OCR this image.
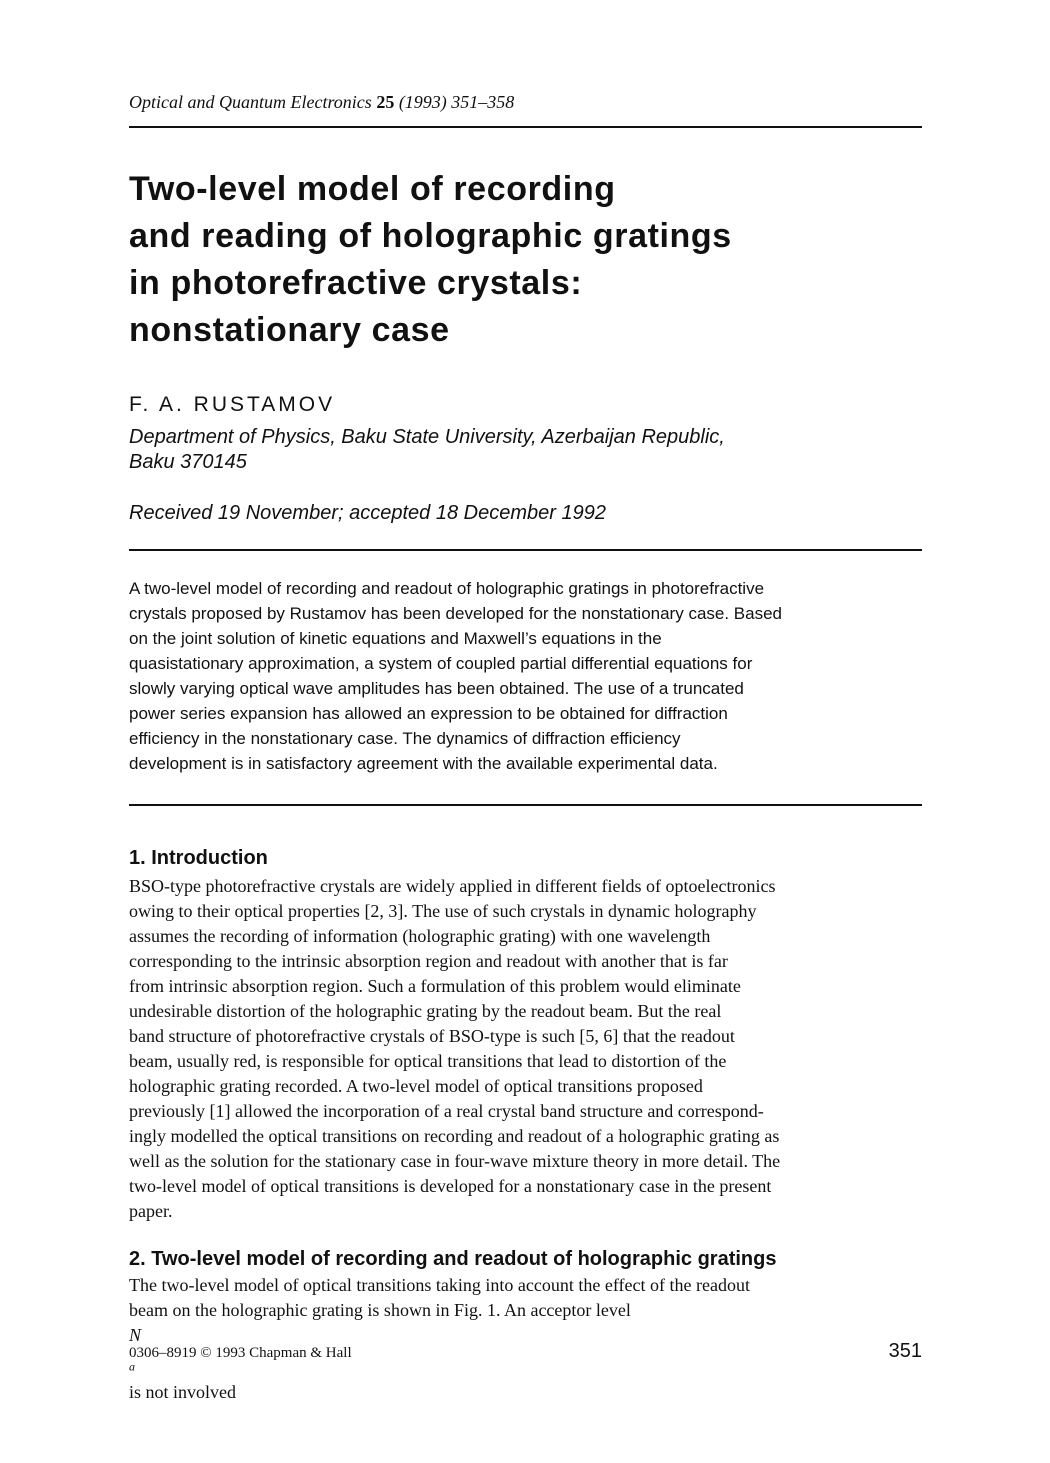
Optical and Quantum Electronics 25 (1993) 351–358
Two-level model of recording
and reading of holographic gratings
in photorefractive crystals:
nonstationary case
F. A. RUSTAMOV
Department of Physics, Baku State University, Azerbaijan Republic,
Baku 370145
Received 19 November; accepted 18 December 1992
A two-level model of recording and readout of holographic gratings in photorefractive
crystals proposed by Rustamov has been developed for the nonstationary case. Based
on the joint solution of kinetic equations and Maxwell’s equations in the
quasistationary approximation, a system of coupled partial differential equations for
slowly varying optical wave amplitudes has been obtained. The use of a truncated
power series expansion has allowed an expression to be obtained for diffraction
efficiency in the nonstationary case. The dynamics of diffraction efficiency
development is in satisfactory agreement with the available experimental data.
1. Introduction
BSO-type photorefractive crystals are widely applied in different fields of optoelectronics
owing to their optical properties [2, 3]. The use of such crystals in dynamic holography
assumes the recording of information (holographic grating) with one wavelength
corresponding to the intrinsic absorption region and readout with another that is far
from intrinsic absorption region. Such a formulation of this problem would eliminate
undesirable distortion of the holographic grating by the readout beam. But the real
band structure of photorefractive crystals of BSO-type is such [5, 6] that the readout
beam, usually red, is responsible for optical transitions that lead to distortion of the
holographic grating recorded. A two-level model of optical transitions proposed
previously [1] allowed the incorporation of a real crystal band structure and correspond-
ingly modelled the optical transitions on recording and readout of a holographic grating as
well as the solution for the stationary case in four-wave mixture theory in more detail. The
two-level model of optical transitions is developed for a nonstationary case in the present
paper.
2. Two-level model of recording and readout of holographic gratings
The two-level model of optical transitions taking into account the effect of the readout
beam on the holographic grating is shown in Fig. 1. An acceptor level
N
$_a$
is not involved
0306–8919 © 1993 Chapman & Hall	351
